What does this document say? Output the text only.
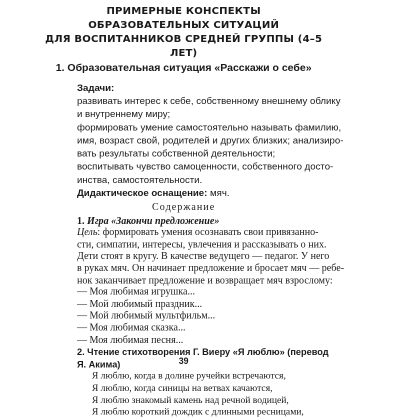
ПРИМЕРНЫЕ КОНСПЕКТЫ
ОБРАЗОВАТЕЛЬНЫХ СИТУАЦИЙ
ДЛЯ ВОСПИТАННИКОВ СРЕДНЕЙ ГРУППЫ (4–5 ЛЕТ)
1. Образовательная ситуация «Расскажи о себе»
Задачи:
развивать интерес к себе, собственному внешнему облику
и внутреннему миру;
формировать умение самостоятельно называть фамилию,
имя, возраст свой, родителей и других близких; анализиро-
вать результаты собственной деятельности;
воспитывать чувство самоценности, собственного досто-
инства, самостоятельности.
Дидактическое оснащение: мяч.
Содержание
1. Игра «Закончи предложение»
Цель: формировать умения осознавать свои привязанно-
сти, симпатии, интересы, увлечения и рассказывать о них.
Дети стоят в кругу. В качестве ведущего — педагог. У него
в руках мяч. Он начинает предложение и бросает мяч — ребе-
нок заканчивает предложение и возвращает мяч взрослому:
— Моя любимая игрушка...
— Мой любимый праздник...
— Мой любимый мультфильм...
— Моя любимая сказка...
— Моя любимая песня...
2. Чтение стихотворения Г. Виеру «Я люблю» (перевод
Я. Акима)
Я люблю, когда в долине ручейки встречаются,
Я люблю, когда синицы на ветвах качаются,
Я люблю знакомый камень над речной водицей,
Я люблю короткий дождик с длинными ресницами,
39
